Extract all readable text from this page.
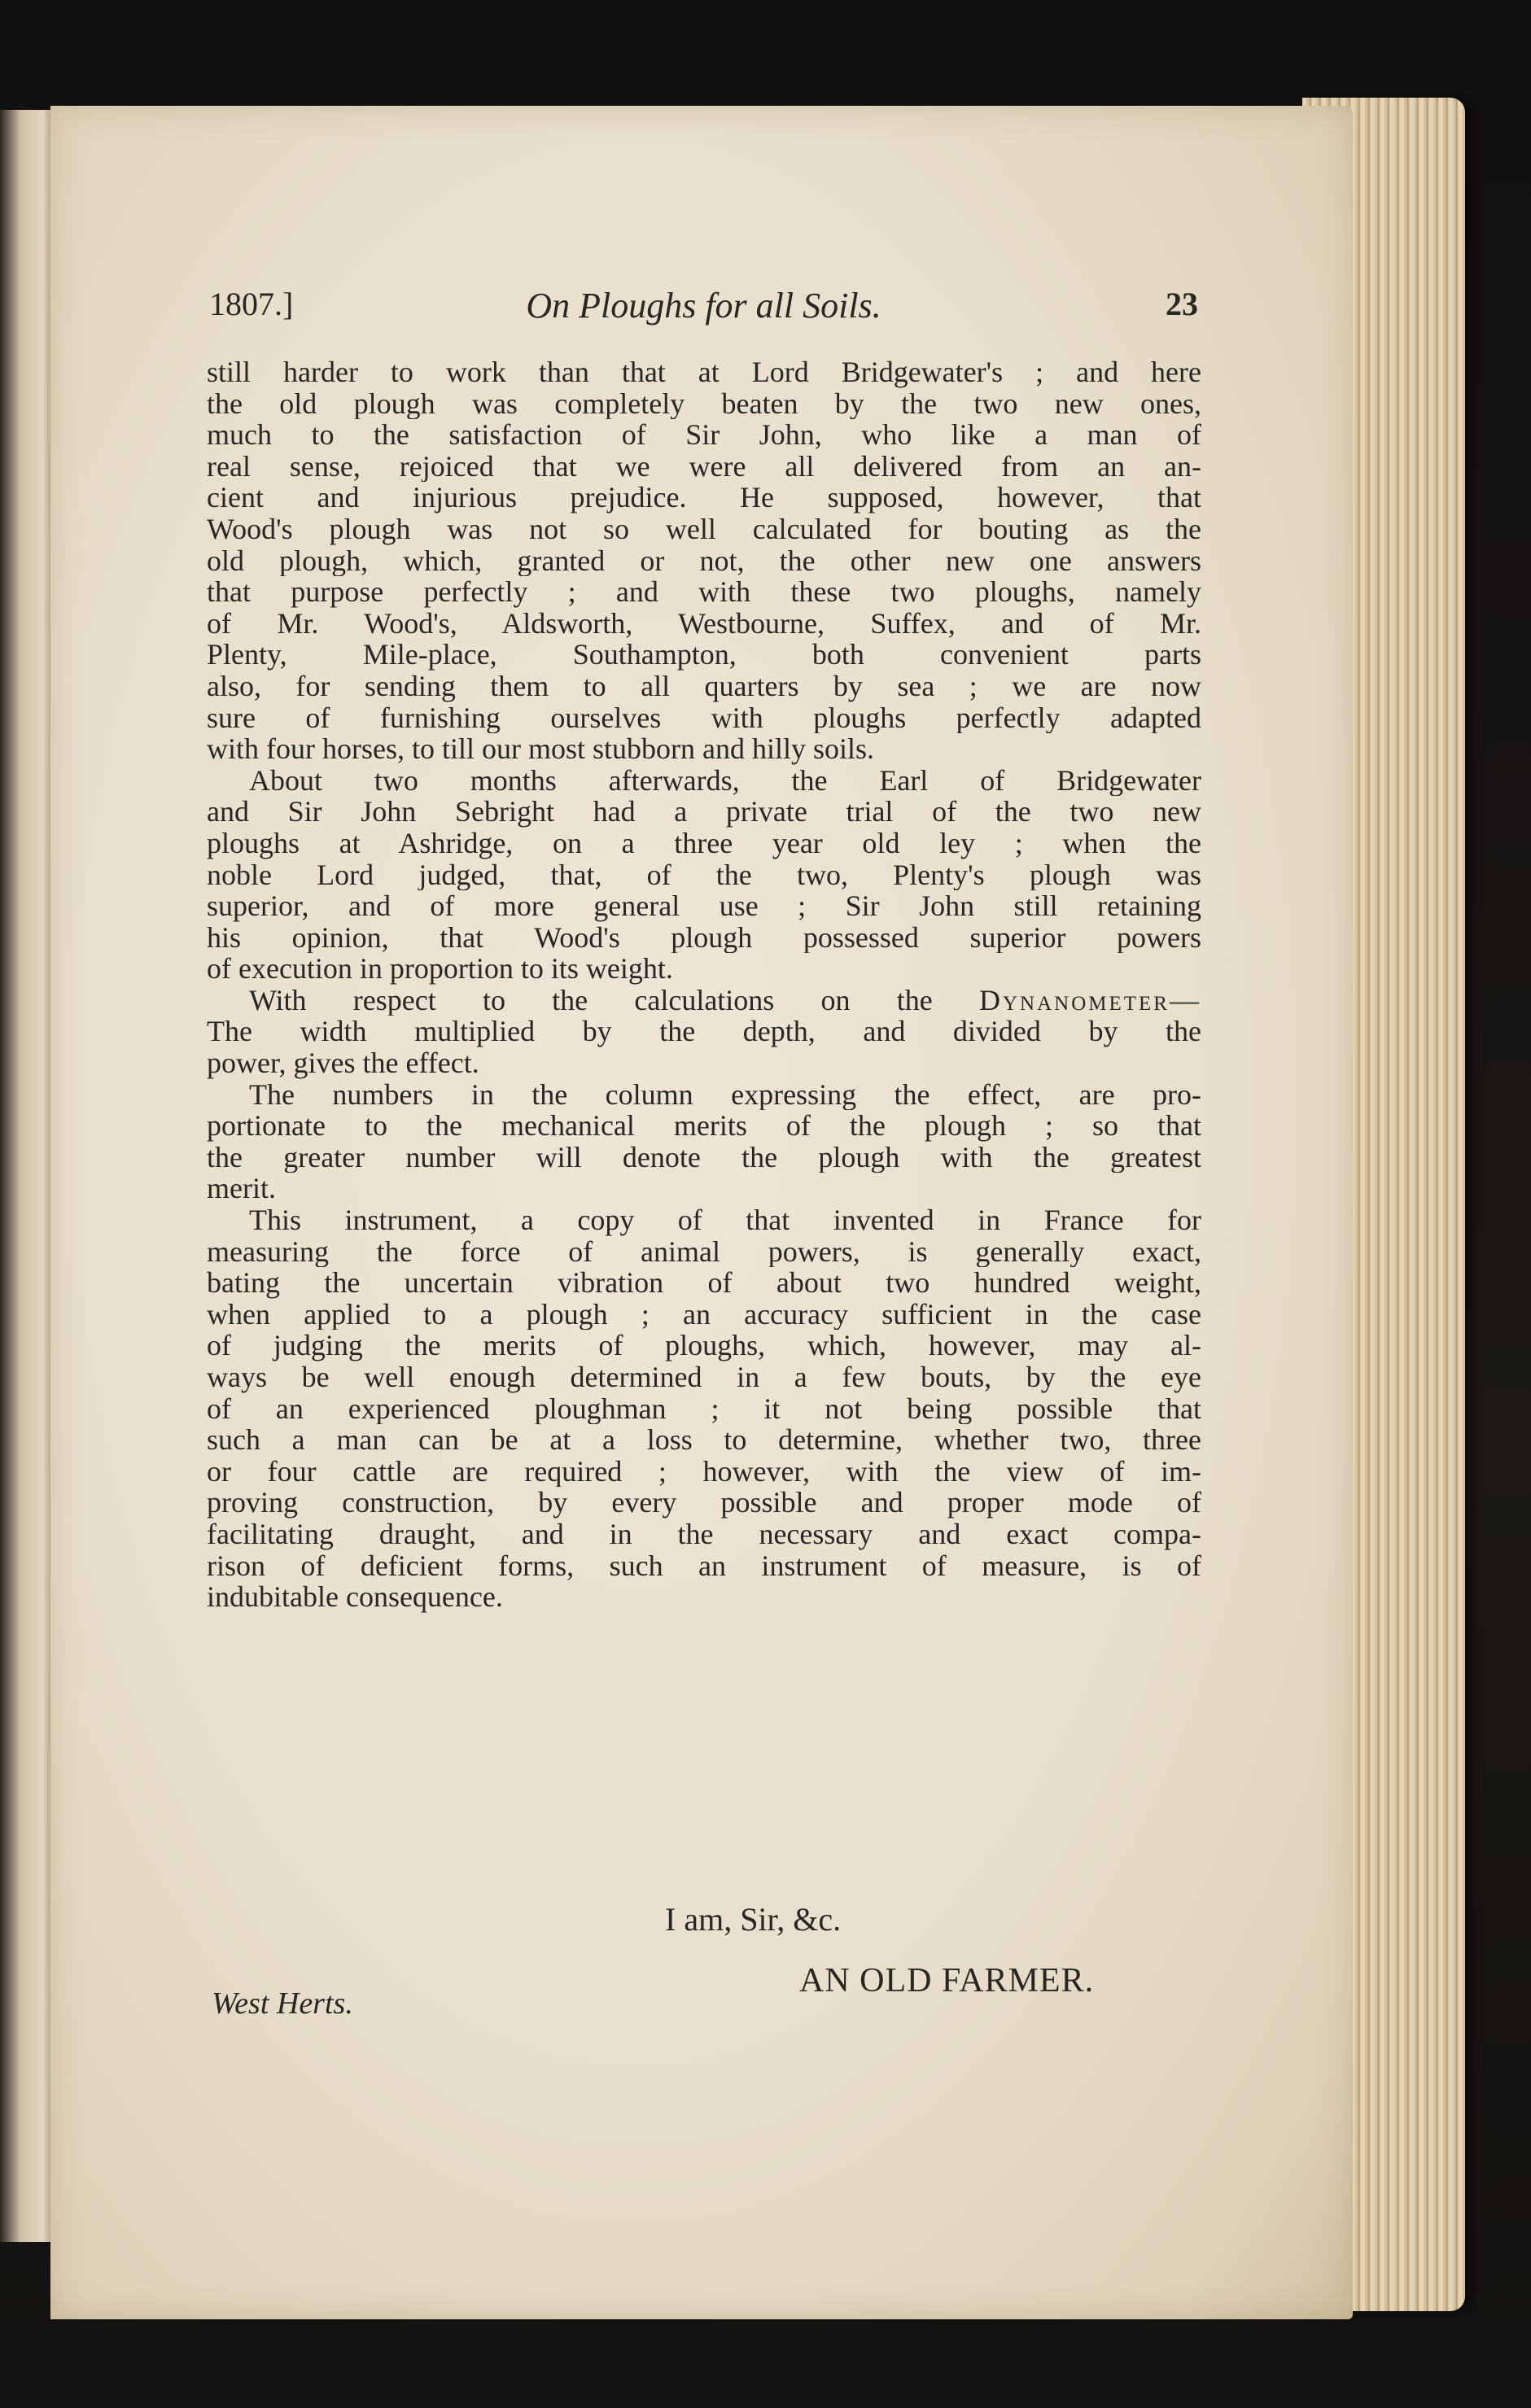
1807.]	On Ploughs for all Soils.	23
still harder to work than that at Lord Bridgewater's ; and here
the old plough was completely beaten by the two new ones,
much to the satisfaction of Sir John, who like a man of
real sense, rejoiced that we were all delivered from an an-
cient and injurious prejudice. He supposed, however, that
Wood's plough was not so well calculated for bouting as the
old plough, which, granted or not, the other new one answers
that purpose perfectly ; and with these two ploughs, namely
of Mr. Wood's, Aldsworth, Westbourne, Suffex, and of Mr.
Plenty, Mile-place, Southampton, both convenient parts
also, for sending them to all quarters by sea ; we are now
sure of furnishing ourselves with ploughs perfectly adapted
with four horses, to till our most stubborn and hilly soils.
About two months afterwards, the Earl of Bridgewater
and Sir John Sebright had a private trial of the two new
ploughs at Ashridge, on a three year old ley ; when the
noble Lord judged, that, of the two, Plenty's plough was
superior, and of more general use ; Sir John still retaining
his opinion, that Wood's plough possessed superior powers
of execution in proportion to its weight.
With respect to the calculations on the Dynanometer—
The width multiplied by the depth, and divided by the
power, gives the effect.
The numbers in the column expressing the effect, are pro-
portionate to the mechanical merits of the plough ; so that
the greater number will denote the plough with the greatest
merit.
This instrument, a copy of that invented in France for
measuring the force of animal powers, is generally exact,
bating the uncertain vibration of about two hundred weight,
when applied to a plough ; an accuracy sufficient in the case
of judging the merits of ploughs, which, however, may al-
ways be well enough determined in a few bouts, by the eye
of an experienced ploughman ; it not being possible that
such a man can be at a loss to determine, whether two, three
or four cattle are required ; however, with the view of im-
proving construction, by every possible and proper mode of
facilitating draught, and in the necessary and exact compa-
rison of deficient forms, such an instrument of measure, is of
indubitable consequence.
I am, Sir, &c.
AN OLD FARMER.
West Herts.
